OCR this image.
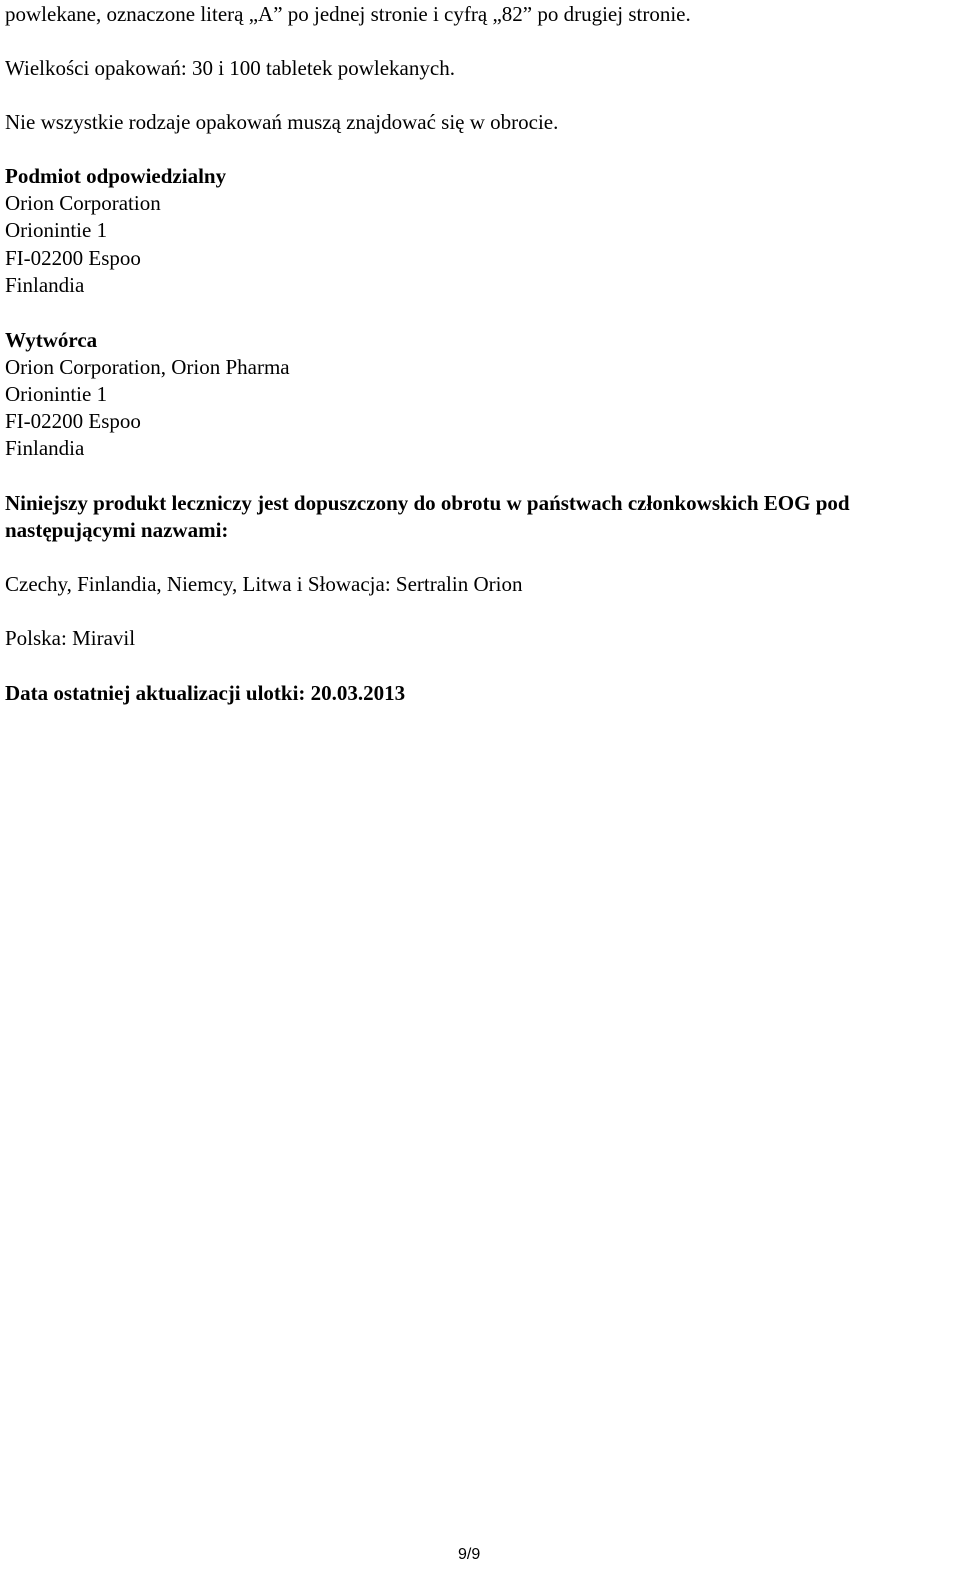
powlekane, oznaczone literą „A” po jednej stronie i cyfrą „82” po drugiej stronie.
Wielkości opakowań: 30 i 100 tabletek powlekanych.
Nie wszystkie rodzaje opakowań muszą znajdować się w obrocie.
Podmiot odpowiedzialny
Orion Corporation
Orionintie 1
FI-02200 Espoo
Finlandia
Wytwórca
Orion Corporation, Orion Pharma
Orionintie 1
FI-02200 Espoo
Finlandia
Niniejszy produkt leczniczy jest dopuszczony do obrotu w państwach członkowskich EOG pod
następującymi nazwami:
Czechy, Finlandia, Niemcy, Litwa i Słowacja: Sertralin Orion
Polska: Miravil
Data ostatniej aktualizacji ulotki: 20.03.2013
9/9
